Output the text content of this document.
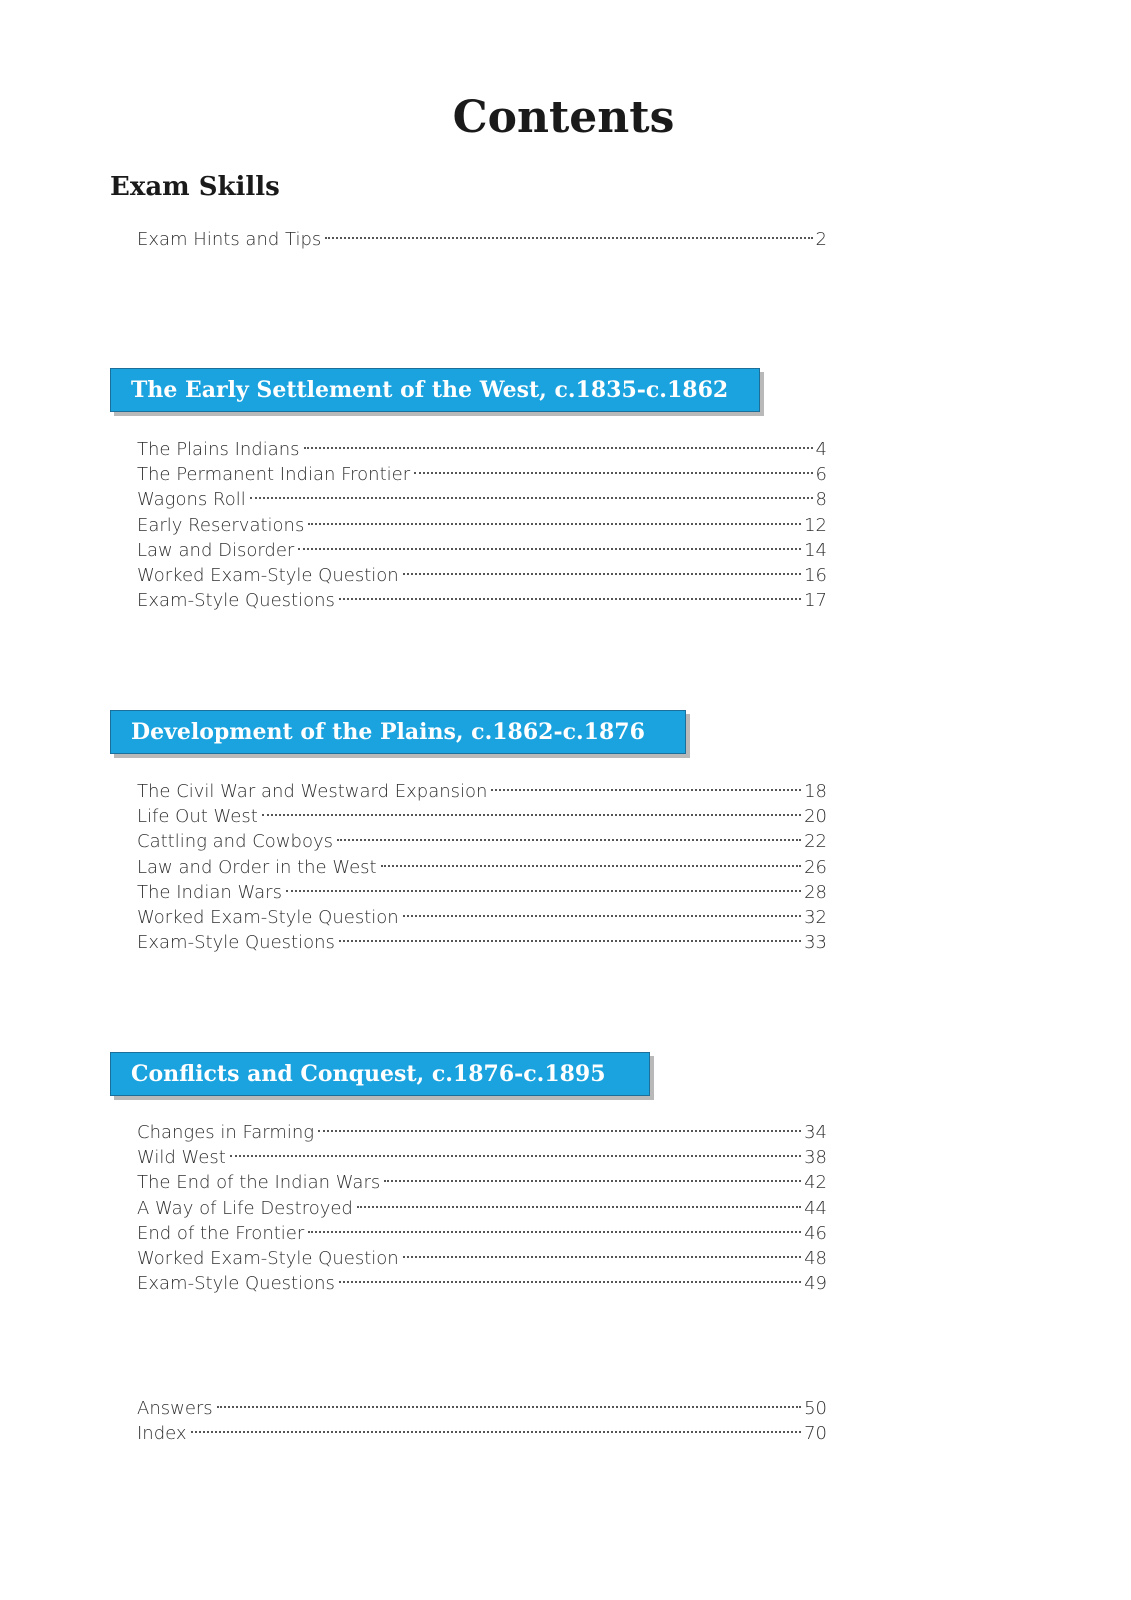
Contents
Exam Skills
Exam Hints and Tips	2
The Early Settlement of the West, c.1835-c.1862
The Plains Indians	4
The Permanent Indian Frontier	6
Wagons Roll	8
Early Reservations	12
Law and Disorder	14
Worked Exam-Style Question	16
Exam-Style Questions	17
Development of the Plains, c.1862-c.1876
The Civil War and Westward Expansion	18
Life Out West	20
Cattling and Cowboys	22
Law and Order in the West	26
The Indian Wars	28
Worked Exam-Style Question	32
Exam-Style Questions	33
Conflicts and Conquest, c.1876-c.1895
Changes in Farming	34
Wild West	38
The End of the Indian Wars	42
A Way of Life Destroyed	44
End of the Frontier	46
Worked Exam-Style Question	48
Exam-Style Questions	49
Answers	50
Index	70
